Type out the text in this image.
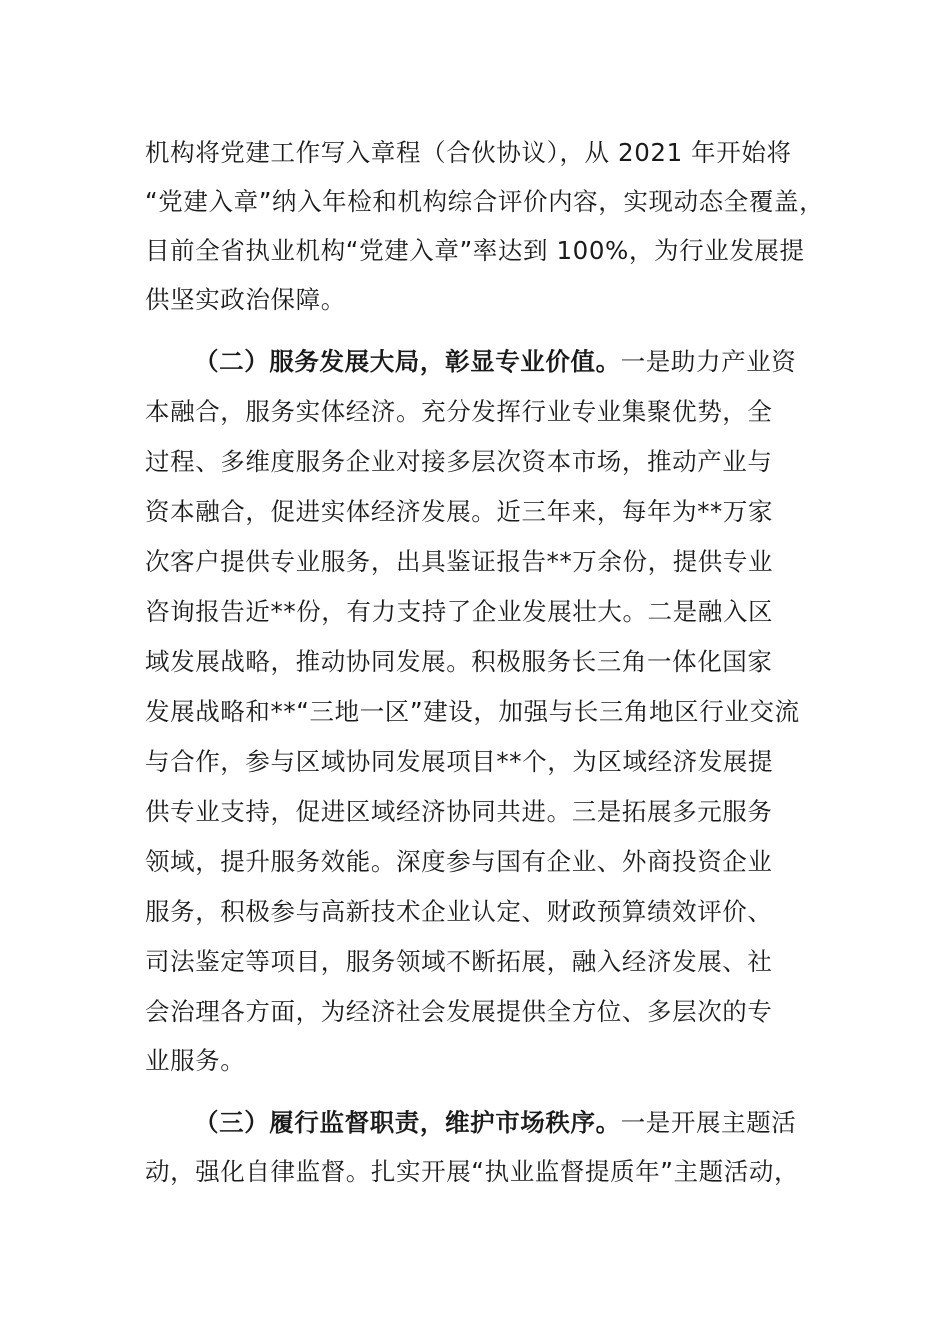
机构将党建工作写入章程（合伙协议），从 2021 年开始将
“党建入章”纳入年检和机构综合评价内容，实现动态全覆盖，
目前全省执业机构“党建入章”率达到 100%，为行业发展提
供坚实政治保障。
（二）服务发展大局，彰显专业价值。一是助力产业资
本融合，服务实体经济。充分发挥行业专业集聚优势，全
过程、多维度服务企业对接多层次资本市场，推动产业与
资本融合，促进实体经济发展。近三年来，每年为**万家
次客户提供专业服务，出具鉴证报告**万余份，提供专业
咨询报告近**份，有力支持了企业发展壮大。二是融入区
域发展战略，推动协同发展。积极服务长三角一体化国家
发展战略和**“三地一区”建设，加强与长三角地区行业交流
与合作，参与区域协同发展项目**个，为区域经济发展提
供专业支持，促进区域经济协同共进。三是拓展多元服务
领域，提升服务效能。深度参与国有企业、外商投资企业
服务，积极参与高新技术企业认定、财政预算绩效评价、
司法鉴定等项目，服务领域不断拓展，融入经济发展、社
会治理各方面，为经济社会发展提供全方位、多层次的专
业服务。
（三）履行监督职责，维护市场秩序。一是开展主题活
动，强化自律监督。扎实开展“执业监督提质年”主题活动，
